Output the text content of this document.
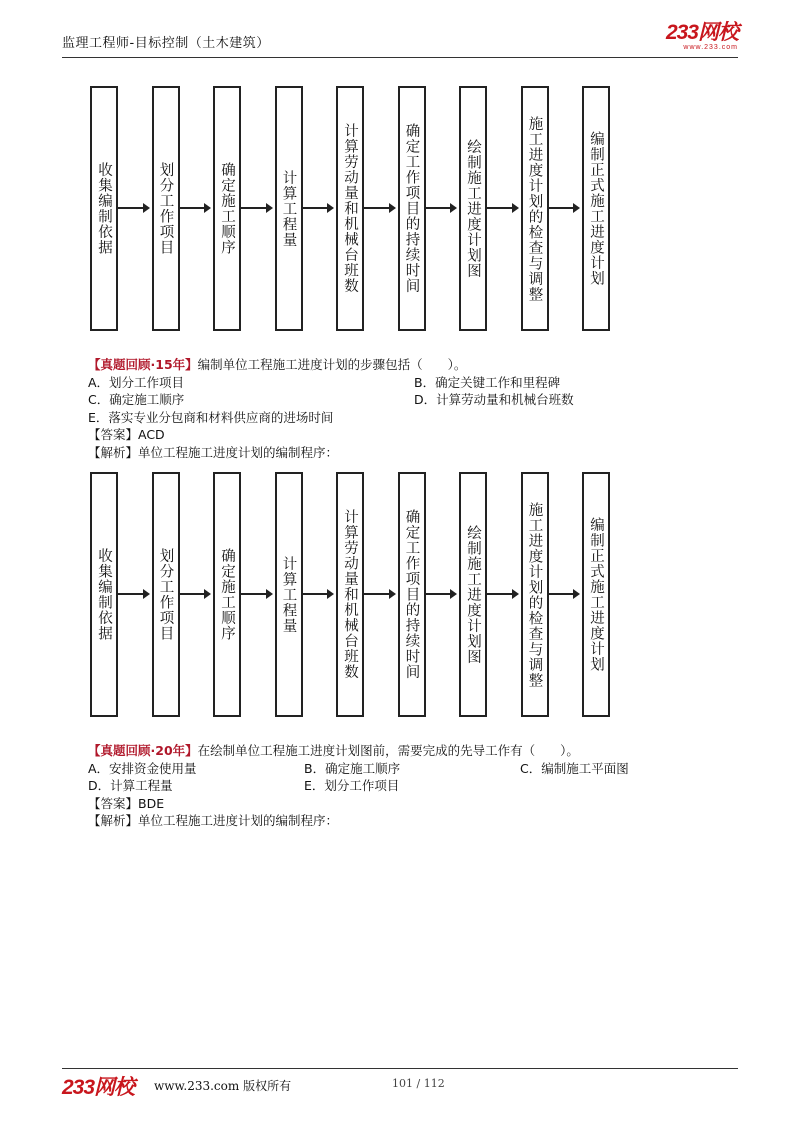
监理工程师-目标控制（土木建筑）	233网校
www.233.com
收集编制依据	划分工作项目	确定施工顺序	计算工程量	计算劳动量和机械台班数	确定工作项目的持续时间	绘制施工进度计划图	施工进度计划的检查与调整	编制正式施工进度计划
【真题回顾·15年】编制单位工程施工进度计划的步骤包括（　　）。
A．划分工作项目	B．确定关键工作和里程碑
C．确定施工顺序	D．计算劳动量和机械台班数
E．落实专业分包商和材料供应商的进场时间
【答案】ACD
【解析】单位工程施工进度计划的编制程序：
收集编制依据	划分工作项目	确定施工顺序	计算工程量	计算劳动量和机械台班数	确定工作项目的持续时间	绘制施工进度计划图	施工进度计划的检查与调整	编制正式施工进度计划
【真题回顾·20年】在绘制单位工程施工进度计划图前，需要完成的先导工作有（　　）。
A．安排资金使用量	B．确定施工顺序	C．编制施工平面图
D．计算工程量	E．划分工作项目
【答案】BDE
【解析】单位工程施工进度计划的编制程序：
233网校 www.233.com 版权所有	101 / 112
